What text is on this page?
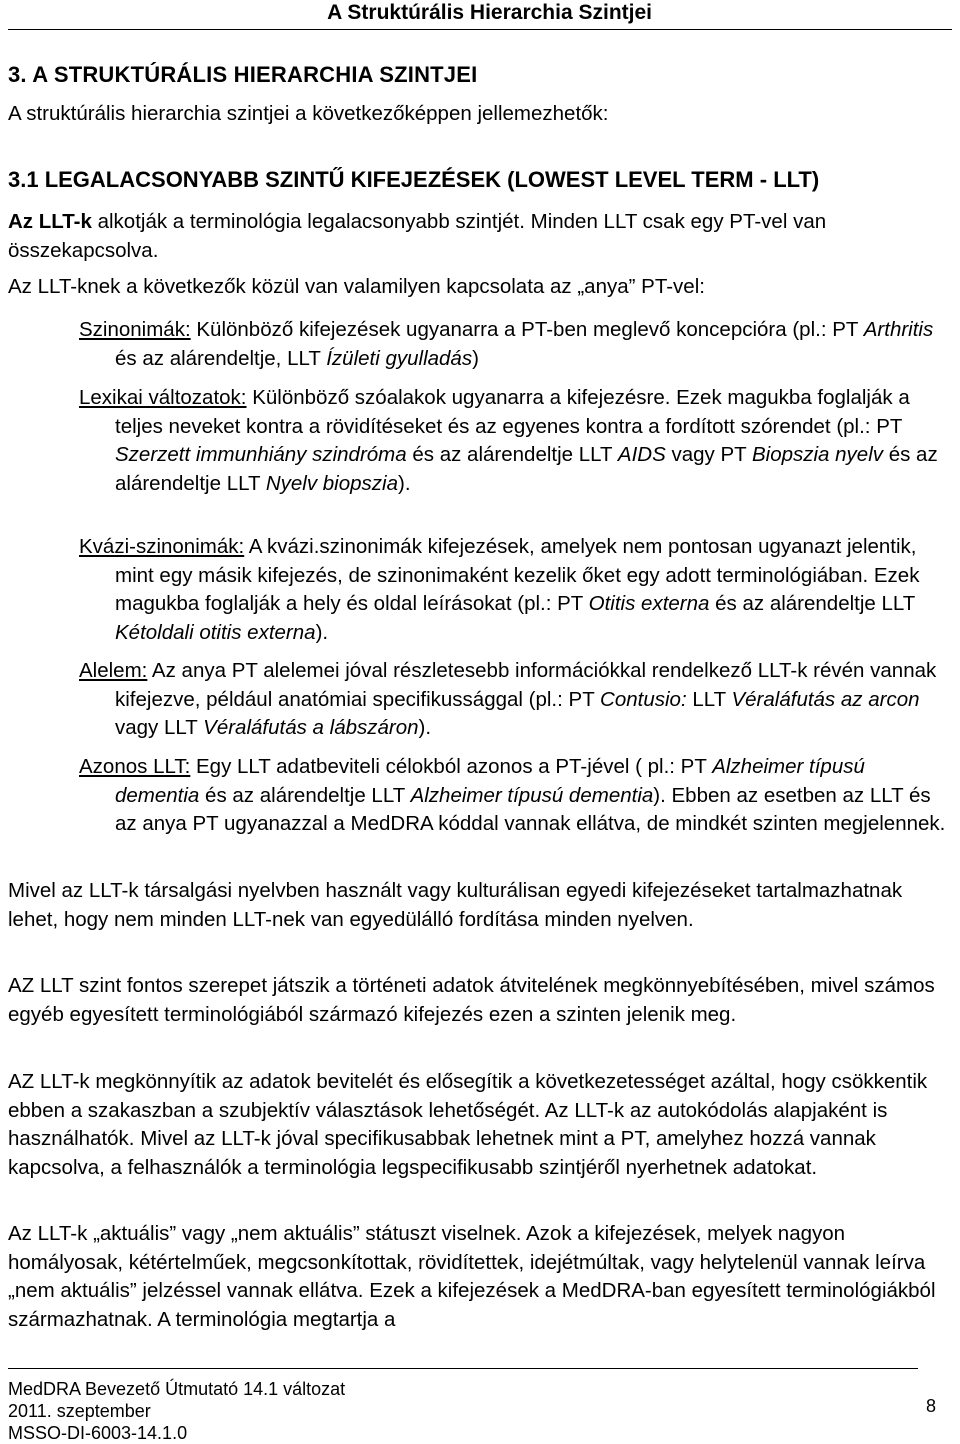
A Struktúrális Hierarchia Szintjei
3. A STRUKTÚRÁLIS HIERARCHIA SZINTJEI
A struktúrális hierarchia szintjei a következőképpen jellemezhetők:
3.1 LEGALACSONYABB SZINTŰ KIFEJEZÉSEK (LOWEST LEVEL TERM - LLT)
Az LLT-k alkotják a terminológia legalacsonyabb szintjét. Minden LLT csak egy PT-vel van összekapcsolva.
Az LLT-knek a következők közül van valamilyen kapcsolata az „anya” PT-vel:
Szinonimák: Különböző kifejezések ugyanarra a PT-ben meglevő koncepcióra (pl.: PT Arthritis és az alárendeltje, LLT Ízületi gyulladás)
Lexikai változatok: Különböző szóalakok ugyanarra a kifejezésre. Ezek magukba foglalják a teljes neveket kontra a rövidítéseket és az egyenes kontra a fordított szórendet (pl.: PT Szerzett immunhiány szindróma és az alárendeltje LLT AIDS vagy PT Biopszia nyelv és az alárendeltje LLT Nyelv biopszia).
Kvázi-szinonimák: A kvázi.szinonimák kifejezések, amelyek nem pontosan ugyanazt jelentik, mint egy másik kifejezés, de szinonimaként kezelik őket egy adott terminológiában. Ezek magukba foglalják a hely és oldal leírásokat (pl.: PT Otitis externa és az alárendeltje LLT Kétoldali otitis externa).
Alelem: Az anya PT alelemei jóval részletesebb információkkal rendelkező LLT-k révén vannak kifejezve, például anatómiai specifikussággal (pl.: PT Contusio: LLT Véraláfutás az arcon vagy LLT Véraláfutás a lábszáron).
Azonos LLT: Egy LLT adatbeviteli célokból azonos a PT-jével ( pl.: PT Alzheimer típusú dementia és az alárendeltje LLT Alzheimer típusú dementia). Ebben az esetben az LLT és az anya PT ugyanazzal a MedDRA kóddal vannak ellátva, de mindkét szinten megjelennek.
Mivel az LLT-k társalgási nyelvben használt vagy kulturálisan egyedi kifejezéseket tartalmazhatnak lehet, hogy nem minden LLT-nek van egyedülálló fordítása minden nyelven.
AZ LLT szint fontos szerepet játszik a történeti adatok átvitelének megkönnyebítésében, mivel számos egyéb egyesített terminológiából származó kifejezés ezen a szinten jelenik meg.
AZ LLT-k megkönnyítik az adatok bevitelét és elősegítik a következetességet azáltal, hogy csökkentik ebben a szakaszban a szubjektív választások lehetőségét. Az LLT-k az autokódolás alapjaként is használhatók. Mivel az LLT-k jóval specifikusabbak lehetnek mint a PT, amelyhez hozzá vannak kapcsolva, a felhasználók a terminológia legspecifikusabb szintjéről nyerhetnek adatokat.
Az LLT-k „aktuális” vagy „nem aktuális” státuszt viselnek. Azok a kifejezések, melyek nagyon homályosak, kétértelműek, megcsonkítottak, rövidítettek, idejétmúltak, vagy helytelenül vannak leírva „nem aktuális” jelzéssel vannak ellátva. Ezek a kifejezések a MedDRA-ban egyesített terminológiákból származhatnak. A terminológia megtartja a
MedDRA Bevezető Útmutató 14.1 változat
2011. szeptember
MSSO-DI-6003-14.1.0
8
